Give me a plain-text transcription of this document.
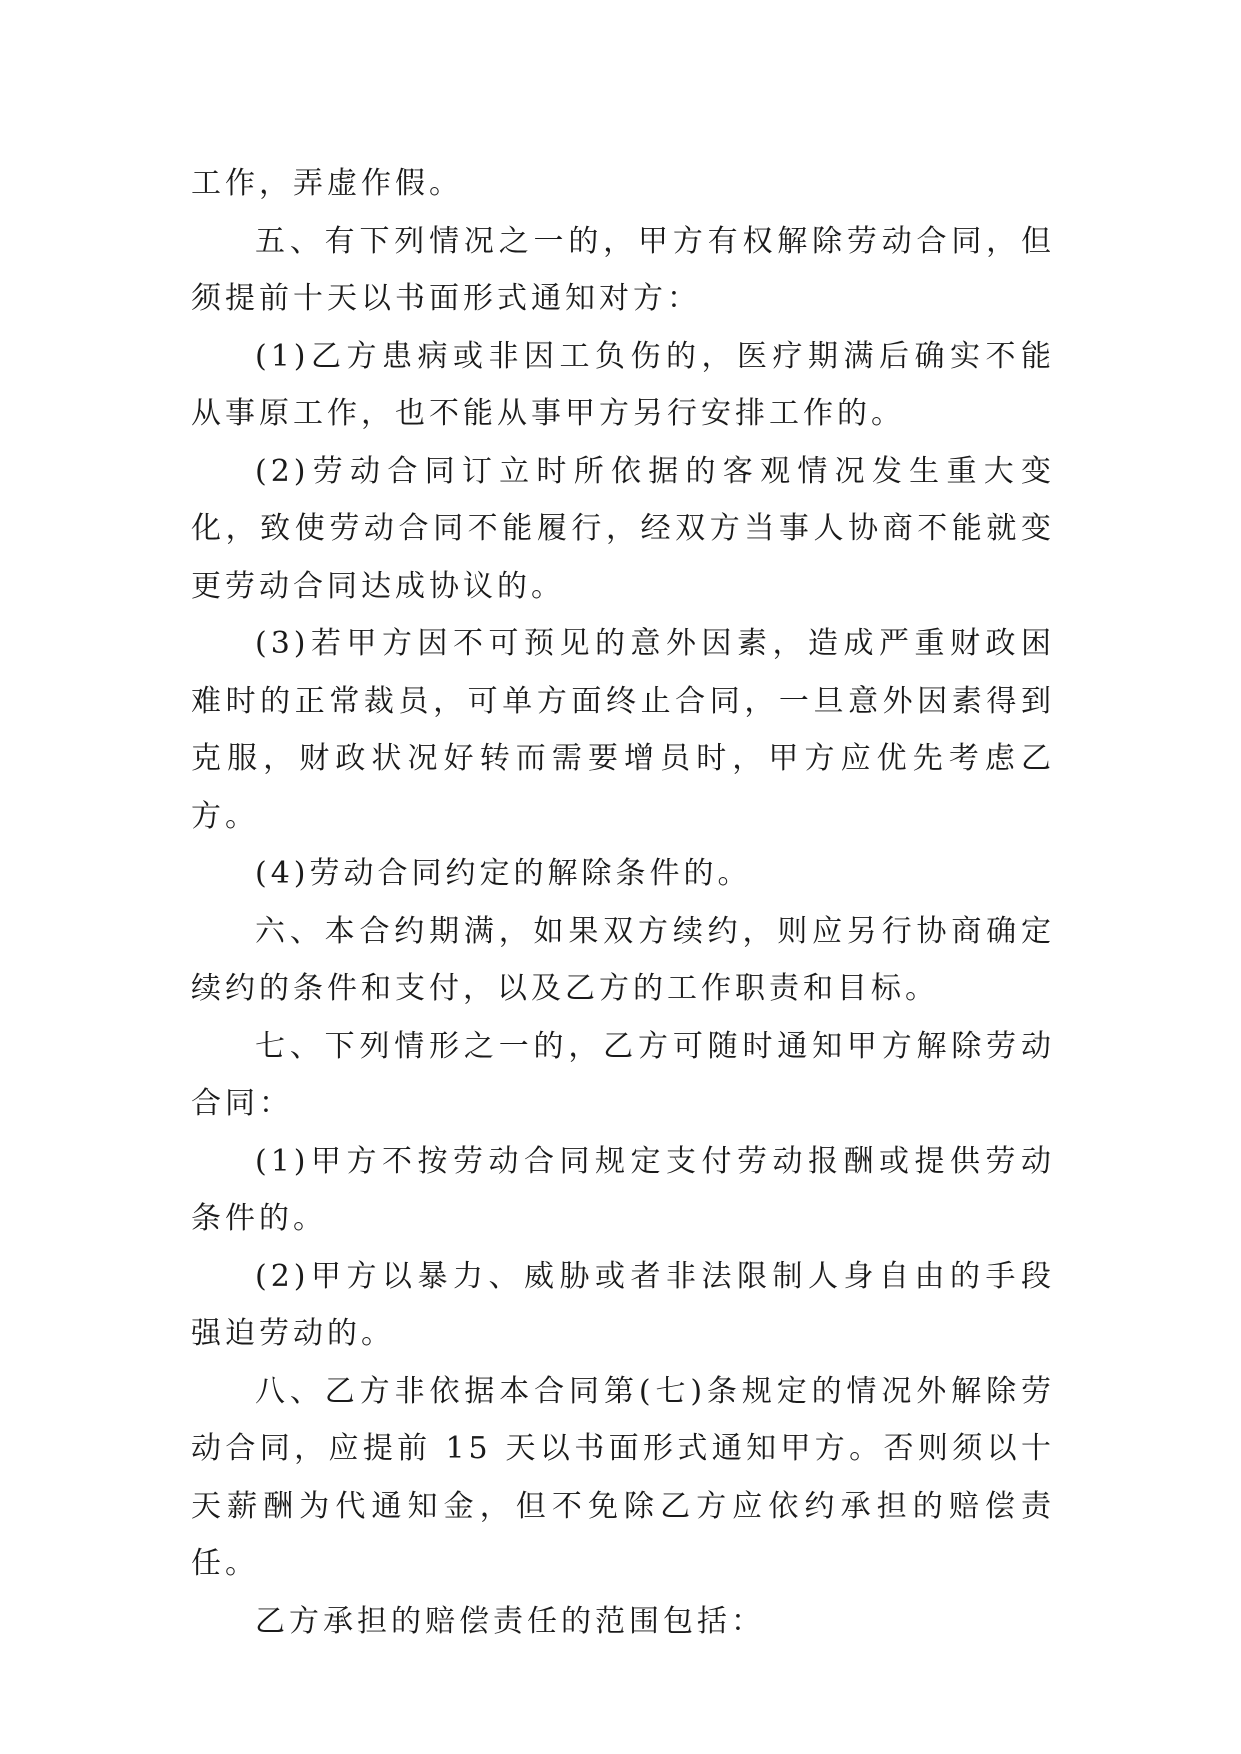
工作，弄虚作假。

五、有下列情况之一的，甲方有权解除劳动合同，但须提前十天以书面形式通知对方：

(1)乙方患病或非因工负伤的，医疗期满后确实不能从事原工作，也不能从事甲方另行安排工作的。

(2)劳动合同订立时所依据的客观情况发生重大变化，致使劳动合同不能履行，经双方当事人协商不能就变更劳动合同达成协议的。

(3)若甲方因不可预见的意外因素，造成严重财政困难时的正常裁员，可单方面终止合同，一旦意外因素得到克服，财政状况好转而需要增员时，甲方应优先考虑乙方。

(4)劳动合同约定的解除条件的。

六、本合约期满，如果双方续约，则应另行协商确定续约的条件和支付，以及乙方的工作职责和目标。

七、下列情形之一的，乙方可随时通知甲方解除劳动合同：

(1)甲方不按劳动合同规定支付劳动报酬或提供劳动条件的。

(2)甲方以暴力、威胁或者非法限制人身自由的手段强迫劳动的。

八、乙方非依据本合同第(七)条规定的情况外解除劳动合同，应提前 15 天以书面形式通知甲方。否则须以十天薪酬为代通知金，但不免除乙方应依约承担的赔偿责任。

乙方承担的赔偿责任的范围包括：
